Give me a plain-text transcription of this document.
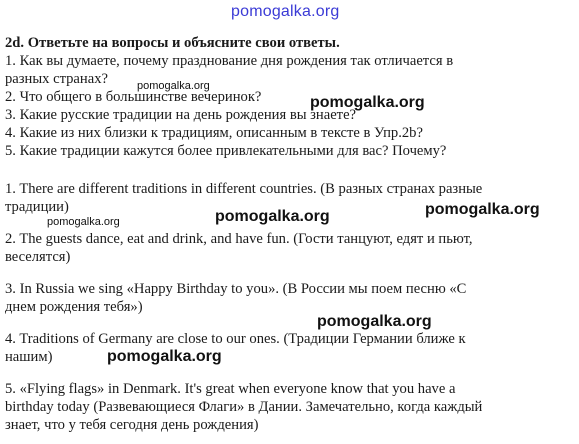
pomogalka.org
2d. Ответьте на вопросы и объясните свои ответы.
1. Как вы думаете, почему празднование дня рождения так отличается в
разных странах?
2. Что общего в большинстве вечеринок?
3. Какие русские традиции на день рождения вы знаете?
4. Какие из них близки к традициям, описанным в тексте в Упр.2b?
5. Какие традиции кажутся более привлекательными для вас? Почему?
1. There are different traditions in different countries. (В разных странах разные
традиции)
2. The guests dance, eat and drink, and have fun. (Гости танцуют, едят и пьют,
веселятся)
3. In Russia we sing «Happy Birthday to you». (В России мы поем песню «С
днем рождения тебя»)
4. Traditions of Germany are close to our ones. (Традиции Германии ближе к
нашим)
5. «Flying flags» in Denmark. It's great when everyone know that you have a
birthday today (Развевающиеся Флаги» в Дании. Замечательно, когда каждый
знает, что у тебя сегодня день рождения)
pomogalka.org
pomogalka.org
pomogalka.org	pomogalka.org	pomogalka.org
pomogalka.org
pomogalka.org
